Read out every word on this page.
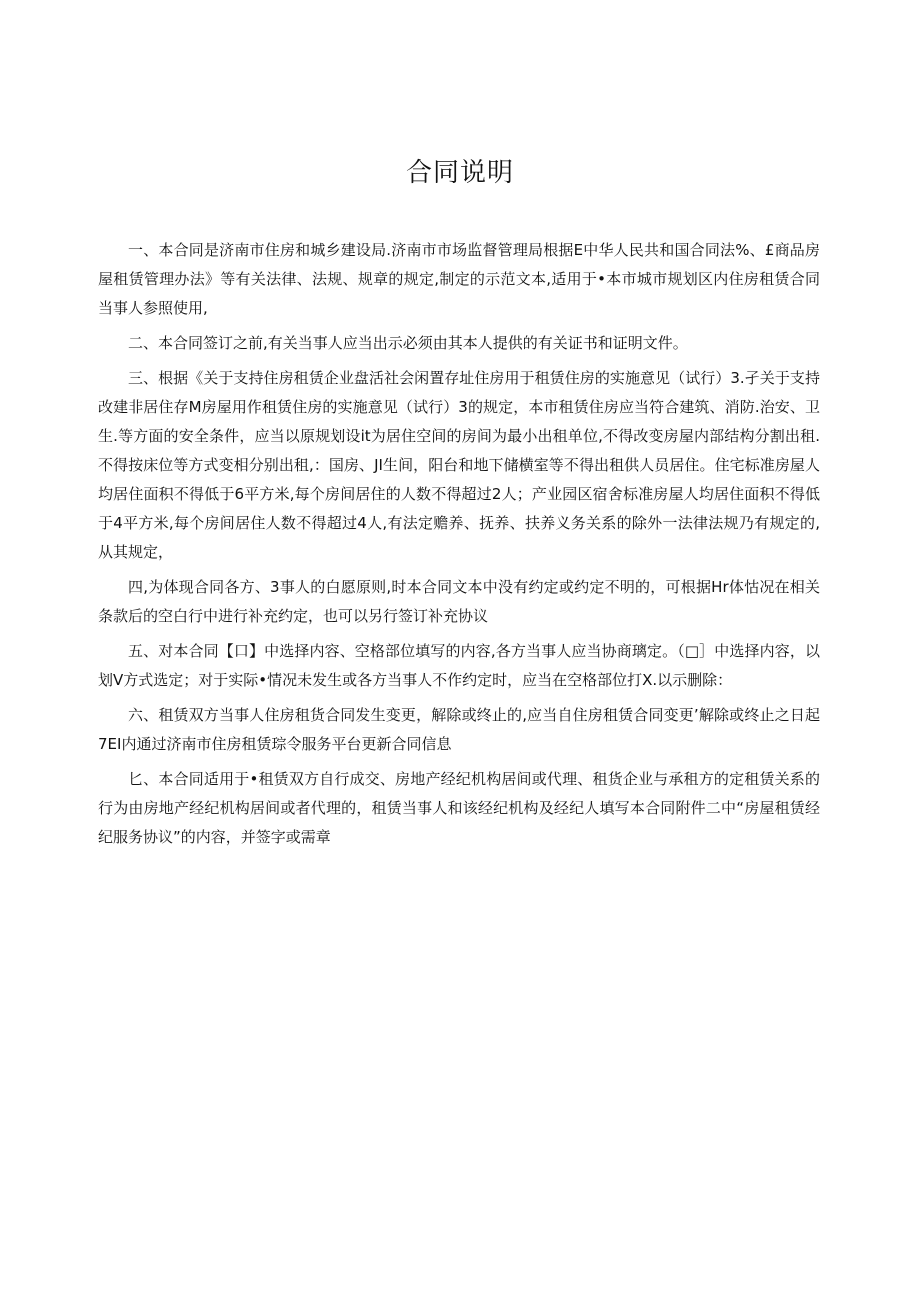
合同说明

一、本合同是济南市住房和城乡建设局.济南市市场监督管理局根据E中华人民共和国合同法%、£商品房屋租赁管理办法》等有关法律、法规、规章的规定,制定的示范文本,适用于•本市城市规划区内住房租赁合同当事人参照使用,

二、本合同签订之前,有关当事人应当出示必须由其本人提供的有关证书和证明文件。

三、根据《关于支持住房租赁企业盘活社会闲置存址住房用于租赁住房的实施意见（试行）3.孑关于支持改建非居住存M房屋用作租赁住房的实施意见（试行）3的规定，本市租赁住房应当符合建筑、消防.治安、卫生.等方面的安全条件，应当以原规划设it为居住空间的房间为最小出租单位,不得改变房屋内部结构分割出租.不得按床位等方式变相分别出租,：国房、JI生间，阳台和地下储横室等不得出租供人员居住。住宅标准房屋人均居住面积不得低于6平方米,每个房间居住的人数不得超过2人；产业园区宿舍标准房屋人均居住面积不得低于4平方米,每个房间居住人数不得超过4人,有法定赡养、抚养、扶养义务关系的除外一法律法规乃有规定的,从其规定，

四,为体现合同各方、3事人的白愿原则,时本合同文本中没有约定或约定不明的，可根据Hr体怙况在相关条款后的空白行中进行补充约定，也可以另行签订补充协议

五、对本合同【口】中选择内容、空格部位填写的内容,各方当事人应当协商璃定。（□］中选择内容，以划V方式选定；对于实际•情况未发生或各方当事人不作约定时，应当在空格部位打X.以示删除：

六、租赁双方当事人住房租货合同发生变更，解除或终止的,应当自住房租赁合同变更’解除或终止之日起7EI内通过济南市住房租赁琮令服务平台更新合同信息

匕、本合同适用于•租赁双方自行成交、房地产经纪机构居间或代理、租货企业与承租方的定租赁关系的行为由房地产经纪机构居间或者代理的，租赁当事人和该经纪机构及经纪人填写本合同附件二中“房屋租赁经纪服务协议”的内容，并签字或需章
